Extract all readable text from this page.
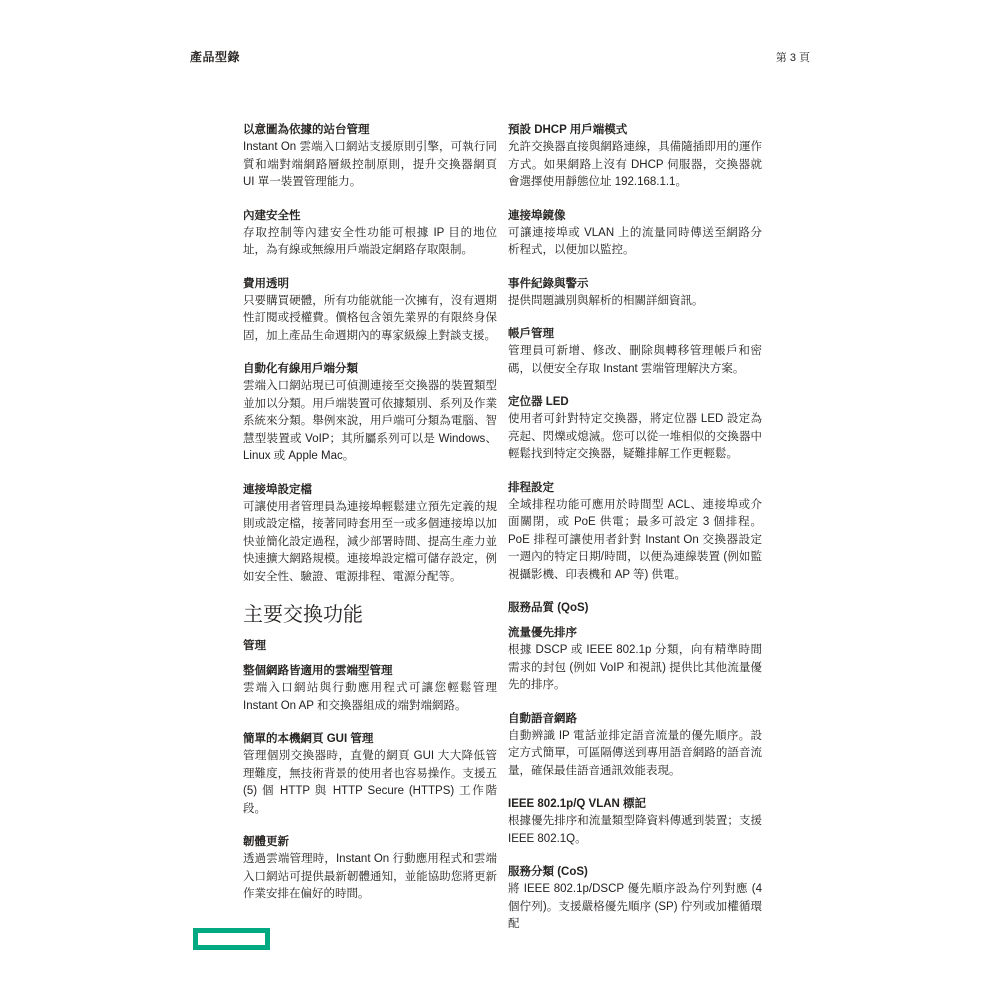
產品型錄	第 3 頁
以意圖為依據的站台管理

Instant On 雲端入口網站支援原則引擎，可執行同質和端對端網路層級控制原則，提升交換器網頁 UI 單一裝置管理能力。

內建安全性

存取控制等內建安全性功能可根據 IP 目的地位址，為有線或無線用戶端設定網路存取限制。

費用透明

只要購買硬體，所有功能就能一次擁有，沒有週期性訂閱或授權費。價格包含領先業界的有限終身保固，加上產品生命週期內的專家級線上對談支援。

自動化有線用戶端分類

雲端入口網站現已可偵測連接至交換器的裝置類型並加以分類。用戶端裝置可依據類別、系列及作業系統來分類。舉例來說，用戶端可分類為電腦、智慧型裝置或 VoIP；其所屬系列可以是 Windows、Linux 或 Apple Mac。

連接埠設定檔

可讓使用者管理員為連接埠輕鬆建立預先定義的規則或設定檔，接著同時套用至一或多個連接埠以加快並簡化設定過程，減少部署時間、提高生產力並快速擴大網路規模。連接埠設定檔可儲存設定，例如安全性、驗證、電源排程、電源分配等。

主要交換功能
管理
整個網路皆適用的雲端型管理

雲端入口網站與行動應用程式可讓您輕鬆管理 Instant On AP 和交換器組成的端對端網路。

簡單的本機網頁 GUI 管理

管理個別交換器時，直覺的網頁 GUI 大大降低管理難度，無技術背景的使用者也容易操作。支援五 (5) 個 HTTP 與 HTTP Secure (HTTPS) 工作階段。

韌體更新

透過雲端管理時，Instant On 行動應用程式和雲端入口網站可提供最新韌體通知，並能協助您將更新作業安排在偏好的時間。

預設 DHCP 用戶端模式

允許交換器直接與網路連線，具備隨插即用的運作方式。如果網路上沒有 DHCP 伺服器，交換器就會選擇使用靜態位址 192.168.1.1。

連接埠鏡像

可讓連接埠或 VLAN 上的流量同時傳送至網路分析程式，以便加以監控。

事件紀錄與警示

提供問題識別與解析的相關詳細資訊。

帳戶管理

管理員可新增、修改、刪除與轉移管理帳戶和密碼，以便安全存取 Instant 雲端管理解決方案。

定位器 LED

使用者可針對特定交換器，將定位器 LED 設定為亮起、閃爍或熄滅。您可以從一堆相似的交換器中輕鬆找到特定交換器，疑難排解工作更輕鬆。

排程設定

全域排程功能可應用於時間型 ACL、連接埠或介面關閉，或 PoE 供電；最多可設定 3 個排程。PoE 排程可讓使用者針對 Instant On 交換器設定一週內的特定日期/時間，以便為連線裝置 (例如監視攝影機、印表機和 AP 等) 供電。

服務品質 (QoS)
流量優先排序

根據 DSCP 或 IEEE 802.1p 分類，向有精準時間需求的封包 (例如 VoIP 和視訊) 提供比其他流量優先的排序。

自動語音網路

自動辨識 IP 電話並排定語音流量的優先順序。設定方式簡單，可區隔傳送到專用語音網路的語音流量，確保最佳語音通訊效能表現。

IEEE 802.1p/Q VLAN 標記

根據優先排序和流量類型降資料傳遞到裝置；支援 IEEE 802.1Q。

服務分類 (CoS)

將 IEEE 802.1p/DSCP 優先順序設為佇列對應 (4 個佇列)。支援嚴格優先順序 (SP) 佇列或加權循環配
